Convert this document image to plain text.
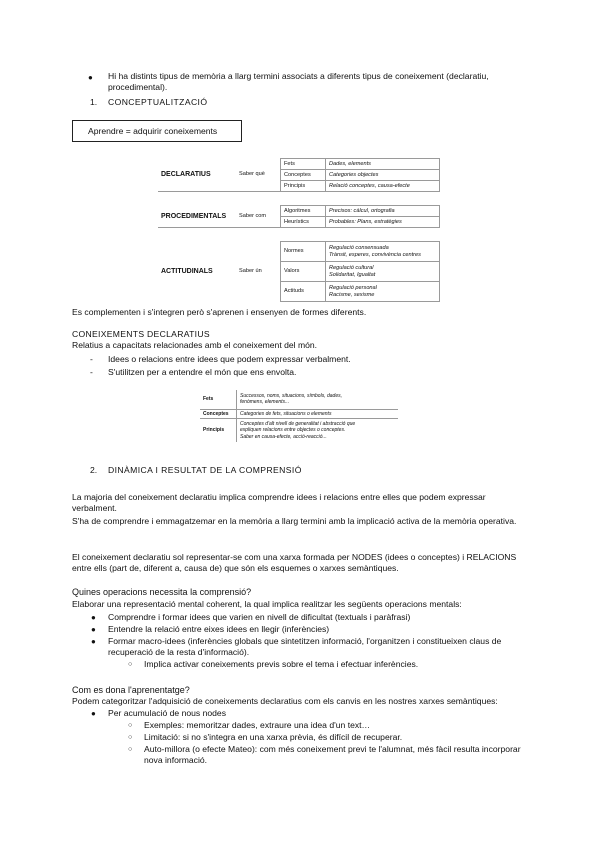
● Hi ha distints tipus de memòria a llarg termini associats a diferents tipus de coneixement (declaratiu, procedimental).
1. CONCEPTUALITZACIÓ
Aprendre = adquirir coneixements
DECLARATIUS	Saber què	Fets	Dades, elements
		Conceptes	Categories objectes
		Principis	Relació conceptes, causa-efecte

PROCEDIMENTALS	Saber com	Algoritmes	Precisos: càlcul, ortografia
		Heurístics	Probables: Plans, estratègies

ACTITUDINALS	Saber ún	Normes	Regulació consensuada
Trànsit, esperes, convivència centres

		Valors	Regulació cultural
Solidaritat, Igualtat

		Actituds	Regulació personal
Racisme, sexisme
Es complementen i s'integren però s'aprenen i ensenyen de formes diferents.
CONEIXEMENTS DECLARATIUS
Relatius a capacitats relacionades amb el coneixement del món.
- Idees o relacions entre idees que podem expressar verbalment.
- S'utilitzen per a entendre el món que ens envolta.
Fets	Successos, noms, situacions, símbols, dades,
fenòmens, elements...

Conceptes	Categories de fets, situacions o elements
Principis	Conceptes d'alt nivell de generalitat i abstracció que
expliquen relacions entre objectes o conceptes.
Saber en causa-efecte, acció-reacció...
2. DINÀMICA I RESULTAT DE LA COMPRENSIÓ
La majoria del coneixement declaratiu implica comprendre idees i relacions entre elles que podem expressar verbalment.
S'ha de comprendre i emmagatzemar en la memòria a llarg termini amb la implicació activa de la memòria operativa.
El coneixement declaratiu sol representar-se com una xarxa formada per NODES (idees o conceptes) i RELACIONS entre ells (part de, diferent a, causa de) que són els esquemes o xarxes semàntiques.
Quines operacions necessita la comprensió?
Elaborar una representació mental coherent, la qual implica realitzar les següents operacions mentals:
● Comprendre i formar idees que varien en nivell de dificultat (textuals i paràfrasi)
● Entendre la relació entre eixes idees en llegir (inferències)
● Formar macro-idees (inferències globals que sintetitzen informació, l'organitzen i constitueixen claus de recuperació de la resta d'informació).
○ Implica activar coneixements previs sobre el tema i efectuar inferències.
Com es dona l'aprenentatge?
Podem categoritzar l'adquisició de coneixements declaratius com els canvis en les nostres xarxes semàntiques:
● Per acumulació de nous nodes
○ Exemples: memoritzar dades, extraure una idea d'un text…
○ Limitació: si no s'integra en una xarxa prèvia, és difícil de recuperar.
○ Auto-millora (o efecte Mateo): com més coneixement previ te l'alumnat, més fàcil resulta incorporar nova informació.
